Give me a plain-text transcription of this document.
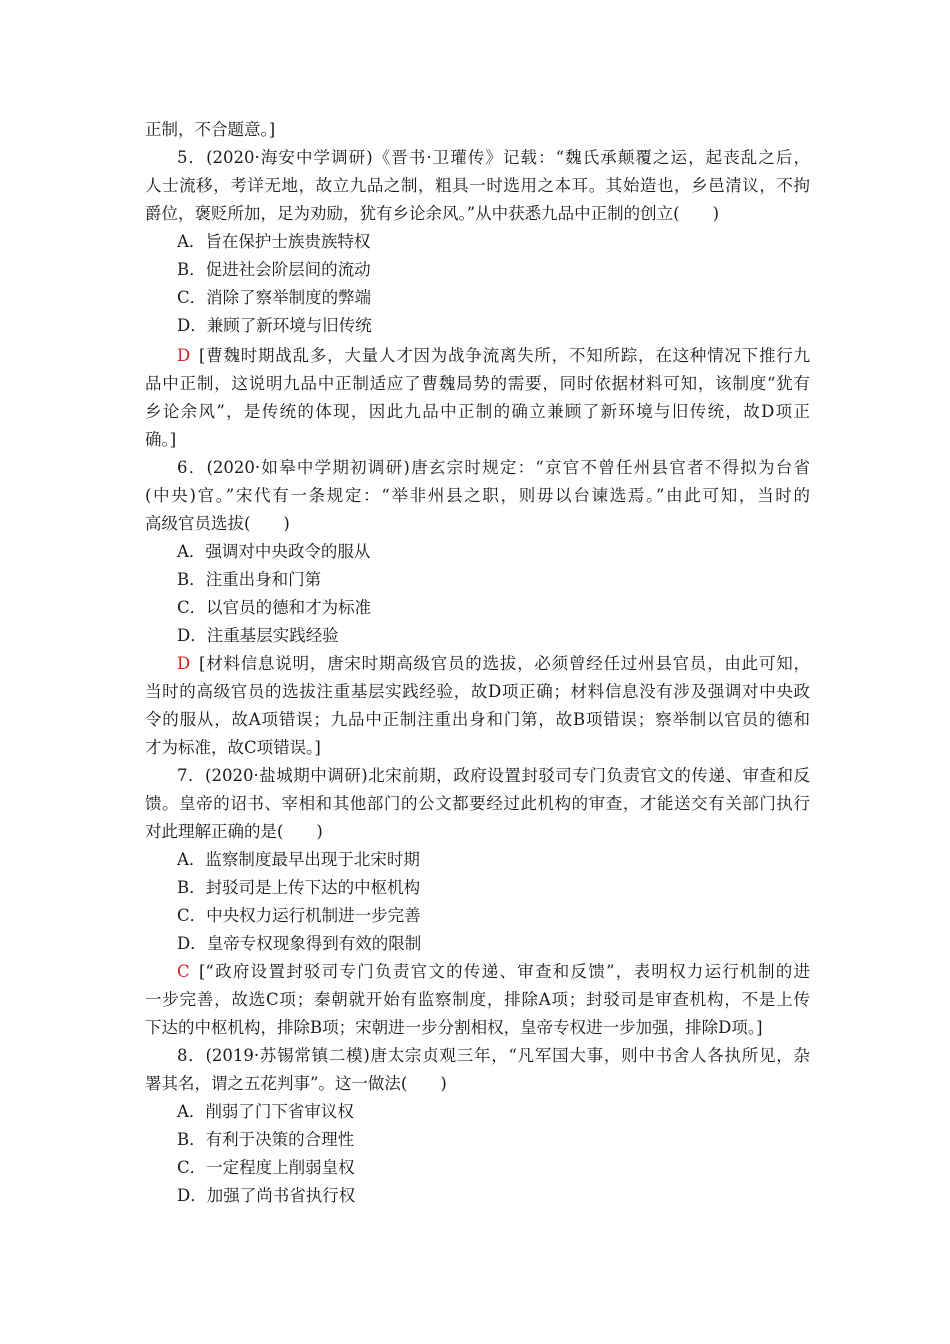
正制，不合题意。]
5．(2020·海安中学调研)《晋书·卫瓘传》记载：“魏氏承颠覆之运，起丧乱之后，
人士流移，考详无地，故立九品之制，粗具一时选用之本耳。其始造也，乡邑清议，不拘
爵位，褒贬所加，足为劝励，犹有乡论余风。”从中获悉九品中正制的创立(　　)
A．旨在保护士族贵族特权
B．促进社会阶层间的流动
C．消除了察举制度的弊端
D．兼顾了新环境与旧传统
D [曹魏时期战乱多，大量人才因为战争流离失所，不知所踪，在这种情况下推行九
品中正制，这说明九品中正制适应了曹魏局势的需要，同时依据材料可知，该制度“犹有
乡论余风”，是传统的体现，因此九品中正制的确立兼顾了新环境与旧传统，故D项正
确。]
6．(2020·如皋中学期初调研)唐玄宗时规定：“京官不曾任州县官者不得拟为台省
(中央)官。”宋代有一条规定：“举非州县之职，则毋以台谏选焉。”由此可知，当时的
高级官员选拔(　　)
A．强调对中央政令的服从
B．注重出身和门第
C．以官员的德和才为标准
D．注重基层实践经验
D [材料信息说明，唐宋时期高级官员的选拔，必须曾经任过州县官员，由此可知，
当时的高级官员的选拔注重基层实践经验，故D项正确；材料信息没有涉及强调对中央政
令的服从，故A项错误；九品中正制注重出身和门第，故B项错误；察举制以官员的德和
才为标准，故C项错误。]
7．(2020·盐城期中调研)北宋前期，政府设置封驳司专门负责官文的传递、审查和反
馈。皇帝的诏书、宰相和其他部门的公文都要经过此机构的审查，才能送交有关部门执行
对此理解正确的是(　　)
A．监察制度最早出现于北宋时期
B．封驳司是上传下达的中枢机构
C．中央权力运行机制进一步完善
D．皇帝专权现象得到有效的限制
C [“政府设置封驳司专门负责官文的传递、审查和反馈”，表明权力运行机制的进
一步完善，故选C项；秦朝就开始有监察制度，排除A项；封驳司是审查机构，不是上传
下达的中枢机构，排除B项；宋朝进一步分割相权，皇帝专权进一步加强，排除D项。]
8．(2019·苏锡常镇二模)唐太宗贞观三年，“凡军国大事，则中书舍人各执所见，杂
署其名，谓之五花判事”。这一做法(　　)
A．削弱了门下省审议权
B．有利于决策的合理性
C．一定程度上削弱皇权
D．加强了尚书省执行权
